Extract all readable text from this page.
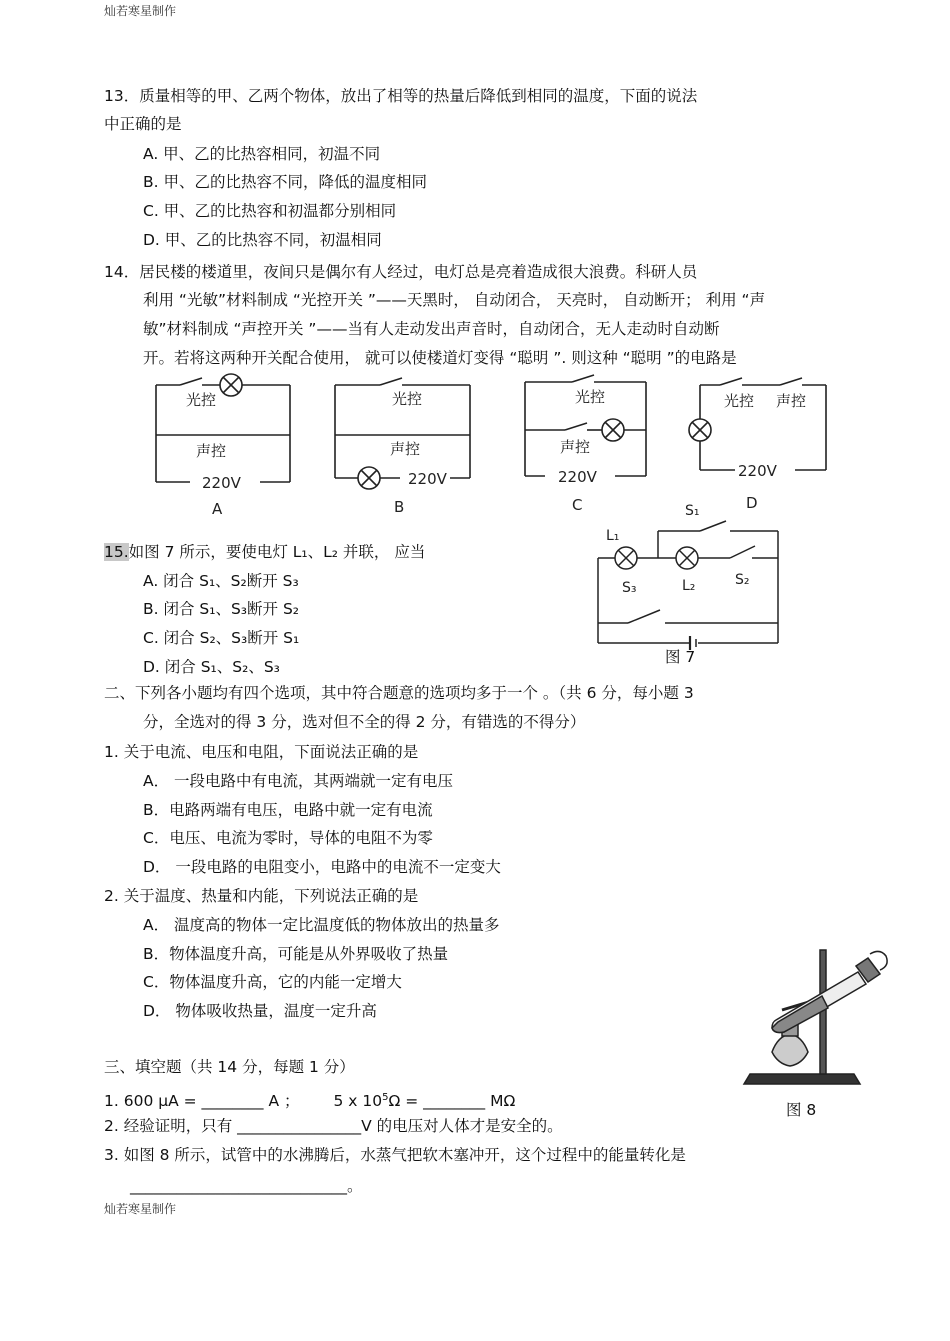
灿若寒星制作
灿若寒星制作
13．质量相等的甲、乙两个物体，放出了相等的热量后降低到相同的温度，下面的说法
中正确的是
A. 甲、乙的比热容相同，初温不同
B. 甲、乙的比热容不同，降低的温度相同
C. 甲、乙的比热容和初温都分别相同
D. 甲、乙的比热容不同，初温相同
14．居民楼的楼道里，夜间只是偶尔有人经过，电灯总是亮着造成很大浪费。科研人员
利用 “光敏”材料制成 “光控开关 ”——天黑时， 自动闭合， 天亮时， 自动断开； 利用 “声
敏”材料制成 “声控开关 ”——当有人走动发出声音时，自动闭合，无人走动时自动断
开。若将这两种开关配合使用， 就可以使楼道灯变得 “聪明 ”. 则这种 “聪明 ”的电路是
光控
声控
220V
A
光控
声控
220V
B
光控
声控
220V
C
光控 声控
220V
D
15.如图 7 所示，要使电灯 L₁、L₂ 并联， 应当
A. 闭合 S₁、S₂断开 S₃
B. 闭合 S₁、S₃断开 S₂
C. 闭合 S₂、S₃断开 S₁
D. 闭合 S₁、S₂、S₃
L₁
L₂
S₁
S₂
S₃
图 7
二、下列各小题均有四个选项，其中符合题意的选项均多于一个 。（共 6 分，每小题 3
分，全选对的得 3 分，选对但不全的得 2 分，有错选的不得分）
1. 关于电流、电压和电阻，下面说法正确的是
A． 一段电路中有电流，其两端就一定有电压
B．电路两端有电压，电路中就一定有电流
C．电压、电流为零时，导体的电阻不为零
D． 一段电路的电阻变小，电路中的电流不一定变大
2. 关于温度、热量和内能，下列说法正确的是
A． 温度高的物体一定比温度低的物体放出的热量多
B．物体温度升高，可能是从外界吸收了热量
C．物体温度升高，它的内能一定增大
D． 物体吸收热量，温度一定升高
图 8
三、填空题（共 14 分，每题 1 分）
1. 600 μA = ________ A ； 5 x $10^5\Omega$ = ________ MΩ
2. 经验证明，只有 ________________V 的电压对人体才是安全的。
3. 如图 8 所示，试管中的水沸腾后，水蒸气把软木塞冲开，这个过程中的能量转化是
____________________________。
